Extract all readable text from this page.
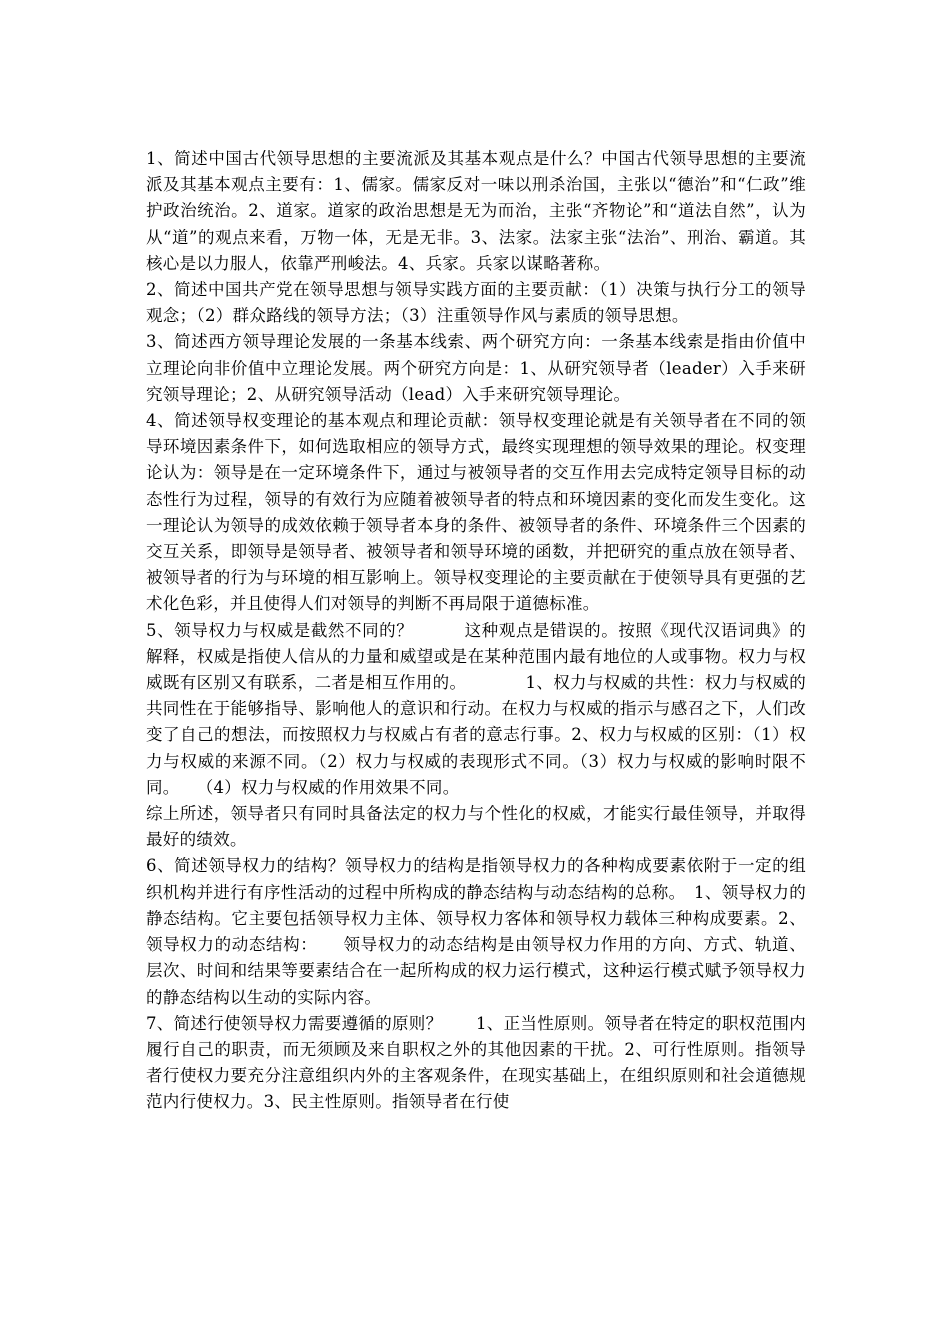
1、简述中国古代领导思想的主要流派及其基本观点是什么？中国古代领导思想的主要流派及其基本观点主要有：1、儒家。儒家反对一味以刑杀治国，主张以“德治”和“仁政”维护政治统治。2、道家。道家的政治思想是无为而治，主张“齐物论”和“道法自然”，认为从“道”的观点来看，万物一体，无是无非。3、法家。法家主张“法治”、刑治、霸道。其核心是以力服人，依靠严刑峻法。4、兵家。兵家以谋略著称。

2、简述中国共产党在领导思想与领导实践方面的主要贡献：（1）决策与执行分工的领导观念；（2）群众路线的领导方法；（3）注重领导作风与素质的领导思想。

3、简述西方领导理论发展的一条基本线索、两个研究方向：一条基本线索是指由价值中立理论向非价值中立理论发展。两个研究方向是：1、从研究领导者（leader）入手来研究领导理论；2、从研究领导活动（lead）入手来研究领导理论。

4、简述领导权变理论的基本观点和理论贡献：领导权变理论就是有关领导者在不同的领导环境因素条件下，如何选取相应的领导方式，最终实现理想的领导效果的理论。权变理论认为：领导是在一定环境条件下，通过与被领导者的交互作用去完成特定领导目标的动态性行为过程，领导的有效行为应随着被领导者的特点和环境因素的变化而发生变化。这一理论认为领导的成效依赖于领导者本身的条件、被领导者的条件、环境条件三个因素的交互关系，即领导是领导者、被领导者和领导环境的函数，并把研究的重点放在领导者、被领导者的行为与环境的相互影响上。领导权变理论的主要贡献在于使领导具有更强的艺术化色彩，并且使得人们对领导的判断不再局限于道德标准。

5、领导权力与权威是截然不同的？　　　这种观点是错误的。按照《现代汉语词典》的解释，权威是指使人信从的力量和威望或是在某种范围内最有地位的人或事物。权力与权威既有区别又有联系，二者是相互作用的。　　　　1、权力与权威的共性：权力与权威的共同性在于能够指导、影响他人的意识和行动。在权力与权威的指示与感召之下，人们改变了自己的想法，而按照权力与权威占有者的意志行事。2、权力与权威的区别：（1）权力与权威的来源不同。（2）权力与权威的表现形式不同。（3）权力与权威的影响时限不同。　　（4）权力与权威的作用效果不同。

综上所述，领导者只有同时具备法定的权力与个性化的权威，才能实行最佳领导，并取得最好的绩效。

6、简述领导权力的结构？领导权力的结构是指领导权力的各种构成要素依附于一定的组织机构并进行有序性活动的过程中所构成的静态结构与动态结构的总称。　1、领导权力的静态结构。它主要包括领导权力主体、领导权力客体和领导权力载体三种构成要素。2、领导权力的动态结构：　　领导权力的动态结构是由领导权力作用的方向、方式、轨道、层次、时间和结果等要素结合在一起所构成的权力运行模式，这种运行模式赋予领导权力的静态结构以生动的实际内容。

7、简述行使领导权力需要遵循的原则？　　1、正当性原则。领导者在特定的职权范围内履行自己的职责，而无须顾及来自职权之外的其他因素的干扰。2、可行性原则。指领导者行使权力要充分注意组织内外的主客观条件，在现实基础上，在组织原则和社会道德规范内行使权力。3、民主性原则。指领导者在行使
